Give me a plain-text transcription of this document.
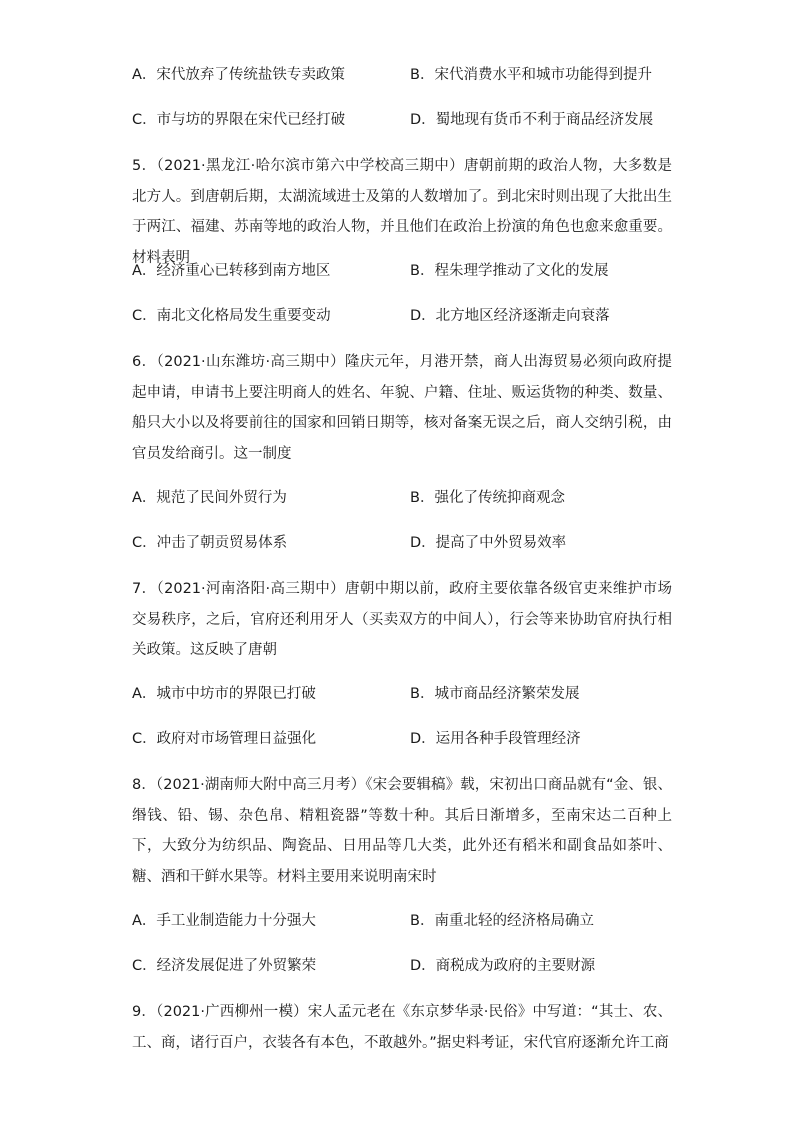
A．宋代放弃了传统盐铁专卖政策	B．宋代消费水平和城市功能得到提升
C．市与坊的界限在宋代已经打破	D．蜀地现有货币不利于商品经济发展
5．（2021·黑龙江·哈尔滨市第六中学校高三期中）唐朝前期的政治人物，大多数是北方人。到唐朝后期，太湖流域进士及第的人数增加了。到北宋时则出现了大批出生于两江、福建、苏南等地的政治人物，并且他们在政治上扮演的角色也愈来愈重要。材料表明
A．经济重心已转移到南方地区	B．程朱理学推动了文化的发展
C．南北文化格局发生重要变动	D．北方地区经济逐渐走向衰落
6．（2021·山东潍坊·高三期中）隆庆元年，月港开禁，商人出海贸易必须向政府提起申请，申请书上要注明商人的姓名、年貌、户籍、住址、贩运货物的种类、数量、船只大小以及将要前往的国家和回销日期等，核对备案无误之后，商人交纳引税，由官员发给商引。这一制度
A．规范了民间外贸行为	B．强化了传统抑商观念
C．冲击了朝贡贸易体系	D．提高了中外贸易效率
7．（2021·河南洛阳·高三期中）唐朝中期以前，政府主要依靠各级官吏来维护市场交易秩序，之后，官府还利用牙人（买卖双方的中间人），行会等来协助官府执行相关政策。这反映了唐朝
A．城市中坊市的界限已打破	B．城市商品经济繁荣发展
C．政府对市场管理日益强化	D．运用各种手段管理经济
8．（2021·湖南师大附中高三月考）《宋会要辑稿》载，宋初出口商品就有“金、银、缗钱、铅、锡、杂色帛、精粗瓷器”等数十种。其后日渐增多，至南宋达二百种上下，大致分为纺织品、陶瓷品、日用品等几大类，此外还有稻米和副食品如茶叶、糖、酒和干鲜水果等。材料主要用来说明南宋时
A．手工业制造能力十分强大	B．南重北轻的经济格局确立
C．经济发展促进了外贸繁荣	D．商税成为政府的主要财源
9．（2021·广西柳州一模）宋人孟元老在《东京梦华录·民俗》中写道：“其士、农、工、商，诸行百户，衣装各有本色，不敢越外。”据史料考证，宋代官府逐渐允许工商
